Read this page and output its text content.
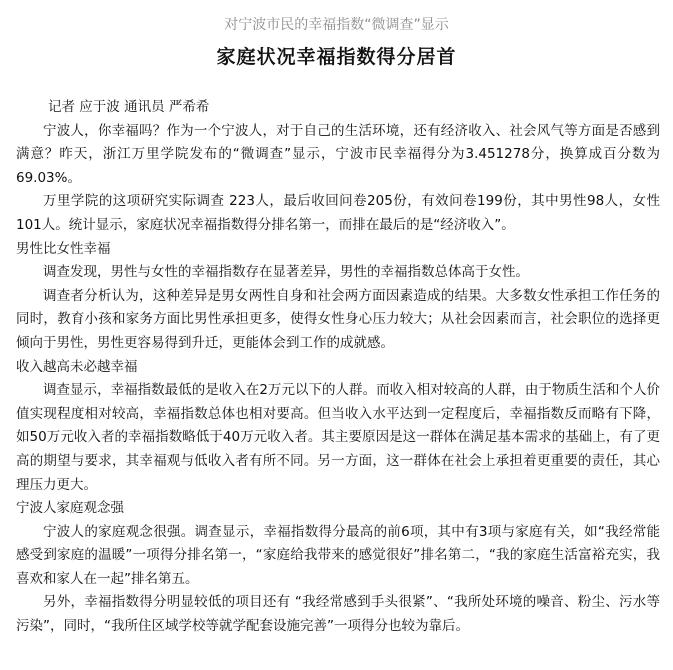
对宁波市民的幸福指数“微调查”显示
家庭状况幸福指数得分居首

记者 应于波 通讯员 严希希

宁波人，你幸福吗？作为一个宁波人，对于自己的生活环境，还有经济收入、社会风气等方面是否感到满意？昨天，浙江万里学院发布的“微调查”显示，宁波市民幸福得分为3.451278分，换算成百分数为69.03%。

万里学院的这项研究实际调查 223人，最后收回问卷205份，有效问卷199份，其中男性98人，女性101人。统计显示，家庭状况幸福指数得分排名第一，而排在最后的是“经济收入”。

男性比女性幸福

调查发现，男性与女性的幸福指数存在显著差异，男性的幸福指数总体高于女性。

调查者分析认为，这种差异是男女两性自身和社会两方面因素造成的结果。大多数女性承担工作任务的同时，教育小孩和家务方面比男性承担更多，使得女性身心压力较大；从社会因素而言，社会职位的选择更倾向于男性，男性更容易得到升迁，更能体会到工作的成就感。

收入越高未必越幸福

调查显示，幸福指数最低的是收入在2万元以下的人群。而收入相对较高的人群，由于物质生活和个人价值实现程度相对较高，幸福指数总体也相对要高。但当收入水平达到一定程度后，幸福指数反而略有下降，如50万元收入者的幸福指数略低于40万元收入者。其主要原因是这一群体在满足基本需求的基础上，有了更高的期望与要求，其幸福观与低收入者有所不同。另一方面，这一群体在社会上承担着更重要的责任，其心理压力更大。

宁波人家庭观念强

宁波人的家庭观念很强。调查显示，幸福指数得分最高的前6项，其中有3项与家庭有关，如“我经常能感受到家庭的温暖”一项得分排名第一，“家庭给我带来的感觉很好”排名第二，“我的家庭生活富裕充实，我喜欢和家人在一起”排名第五。

另外，幸福指数得分明显较低的项目还有 “我经常感到手头很紧”、“我所处环境的噪音、粉尘、污水等污染”，同时，“我所住区域学校等就学配套设施完善”一项得分也较为靠后。
